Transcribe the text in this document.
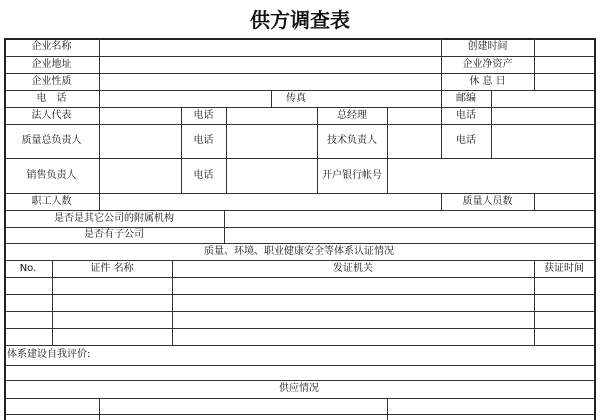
供方调查表
企业名称	创建时间
企业地址	企业净资产
企业性质	休 息 日
电　话	传真	邮编
法人代表	电话	总经理	电话
质量总负责人	电话	技术负责人	电话
销售负责人	电话	开户银行帐号
职工人数	质量人员数
是否是其它公司的附属机构
是否有子公司
质量、环境、职业健康安全等体系认证情况
No.	证件 名称	发证机关	获证时间
体系建设自我评价:
供应情况
